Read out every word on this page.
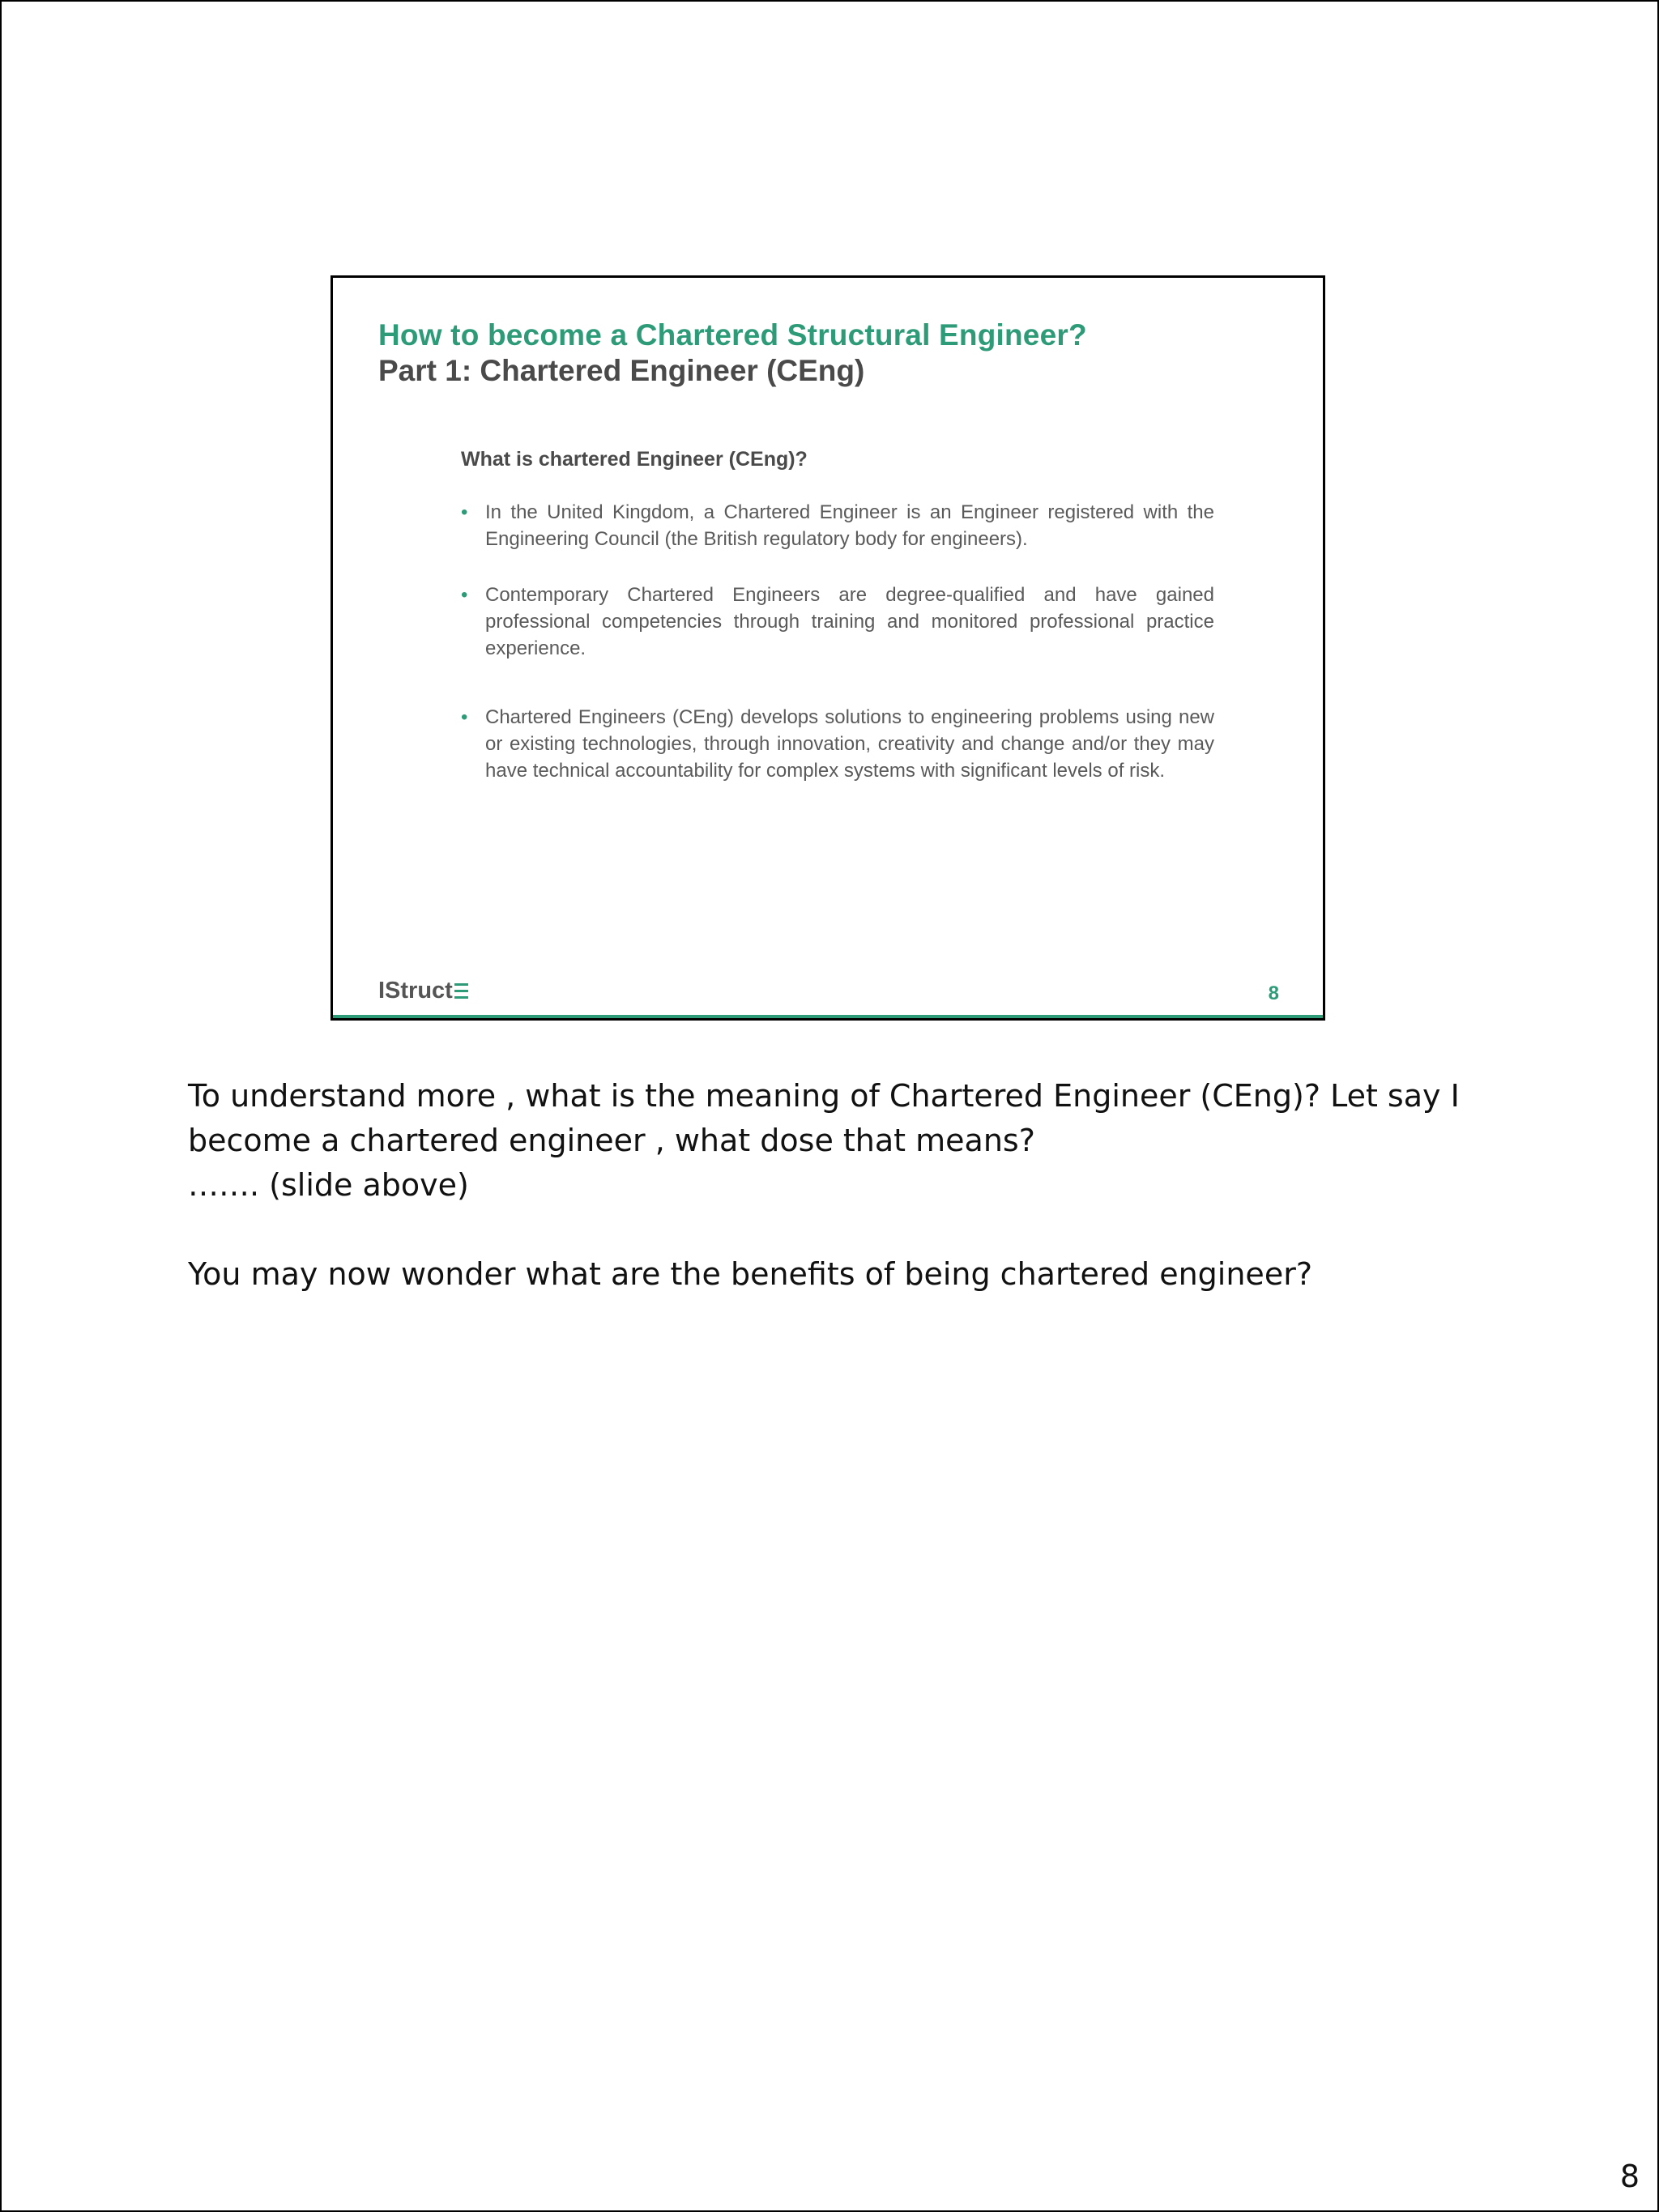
How to become a Chartered Structural Engineer?
Part 1: Chartered Engineer (CEng)

What is chartered Engineer (CEng)?

• In the United Kingdom, a Chartered Engineer is an Engineer registered with the Engineering Council (the British regulatory body for engineers).
• Contemporary Chartered Engineers are degree-qualified and have gained professional competencies through training and monitored professional practice experience.
• Chartered Engineers (CEng) develops solutions to engineering problems using new or existing technologies, through innovation, creativity and change and/or they may have technical accountability for complex systems with significant levels of risk.
IStruct	8

To understand more , what is the meaning of Chartered Engineer (CEng)? Let say I become a chartered engineer , what dose that means?

……. (slide above)

You may now wonder what are the benefits of being chartered engineer?

8
